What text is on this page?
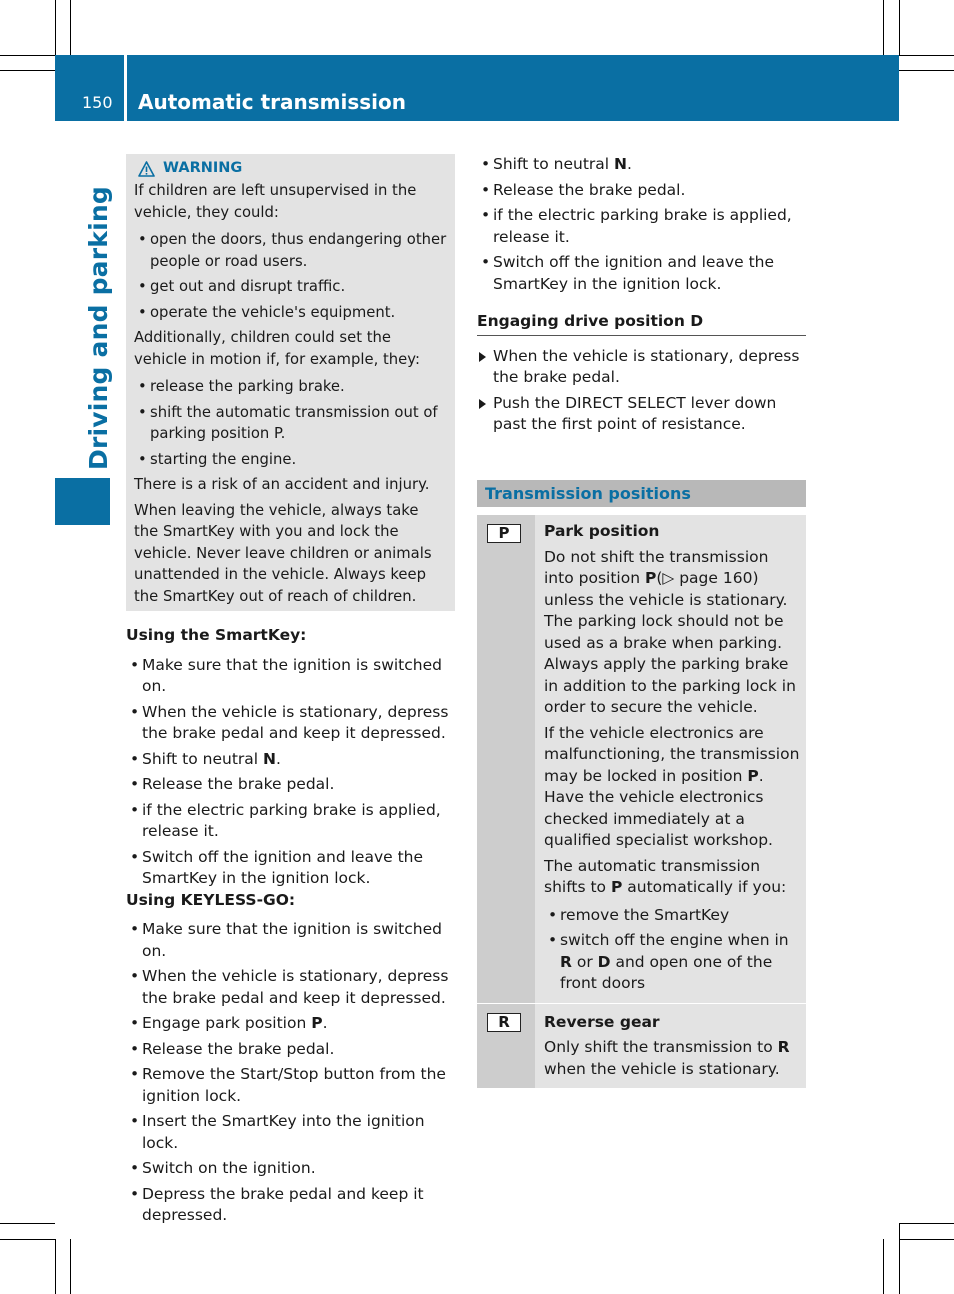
150 Automatic transmission
Driving and parking
WARNING

If children are left unsupervised in the vehicle, they could:

• open the doors, thus endangering other people or road users.
• get out and disrupt traffic.
• operate the vehicle's equipment.

Additionally, children could set the vehicle in motion if, for example, they:

• release the parking brake.
• shift the automatic transmission out of parking position P.
• starting the engine.

There is a risk of an accident and injury.

When leaving the vehicle, always take the SmartKey with you and lock the vehicle. Never leave children or animals unattended in the vehicle. Always keep the SmartKey out of reach of children.

Using the SmartKey:

• Make sure that the ignition is switched on.
• When the vehicle is stationary, depress the brake pedal and keep it depressed.
• Shift to neutral N.
• Release the brake pedal.
• if the electric parking brake is applied, release it.
• Switch off the ignition and leave the SmartKey in the ignition lock.

Using KEYLESS-GO:

• Make sure that the ignition is switched on.
• When the vehicle is stationary, depress the brake pedal and keep it depressed.
• Engage park position P.
• Release the brake pedal.
• Remove the Start/Stop button from the ignition lock.
• Insert the SmartKey into the ignition lock.
• Switch on the ignition.
• Depress the brake pedal and keep it depressed.
• Shift to neutral N.
• Release the brake pedal.
• if the electric parking brake is applied, release it.
• Switch off the ignition and leave the SmartKey in the ignition lock.
Engaging drive position D
When the vehicle is stationary, depress the brake pedal.
Push the DIRECT SELECT lever down past the first point of resistance.
Transmission positions
P	Park position

Do not shift the transmission into position P(▷ page 160) unless the vehicle is stationary. The parking lock should not be used as a brake when parking. Always apply the parking brake in addition to the parking lock in order to secure the vehicle.

If the vehicle electronics are malfunctioning, the transmission may be locked in position P. Have the vehicle electronics checked immediately at a qualified specialist workshop.

The automatic transmission shifts to P automatically if you:

• remove the SmartKey
• switch off the engine when in R or D and open one of the front doors
R	Reverse gear

Only shift the transmission to R when the vehicle is stationary.
